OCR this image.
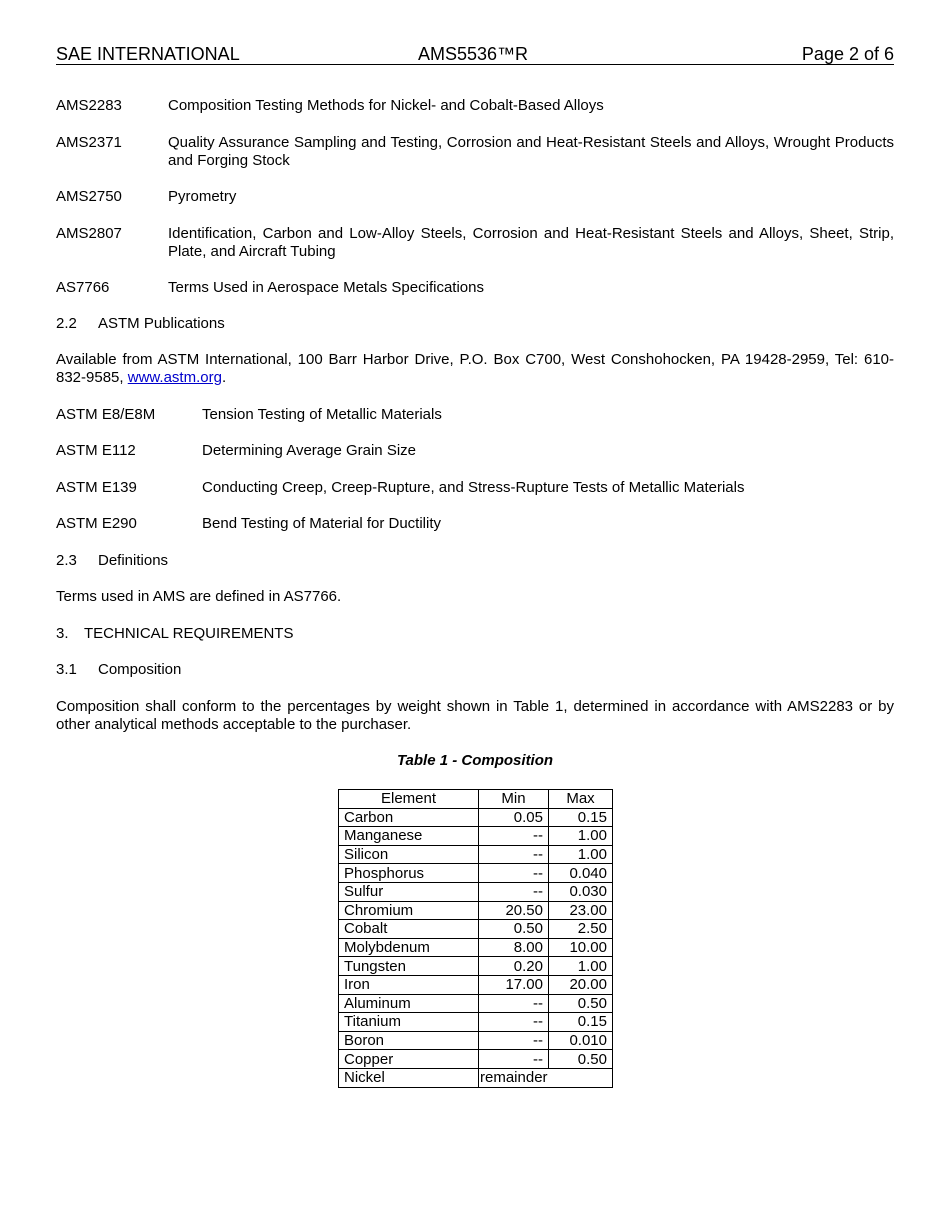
SAE INTERNATIONAL	AMS5536™R	Page 2 of 6
AMS2283	Composition Testing Methods for Nickel- and Cobalt-Based Alloys
AMS2371	Quality Assurance Sampling and Testing, Corrosion and Heat-Resistant Steels and Alloys, Wrought Products and Forging Stock
AMS2750	Pyrometry
AMS2807	Identification, Carbon and Low-Alloy Steels, Corrosion and Heat-Resistant Steels and Alloys, Sheet, Strip, Plate, and Aircraft Tubing
AS7766	Terms Used in Aerospace Metals Specifications
2.2 ASTM Publications
Available from ASTM International, 100 Barr Harbor Drive, P.O. Box C700, West Conshohocken, PA 19428-2959, Tel: 610-832-9585, www.astm.org.
ASTM E8/E8M	Tension Testing of Metallic Materials
ASTM E112	Determining Average Grain Size
ASTM E139	Conducting Creep, Creep-Rupture, and Stress-Rupture Tests of Metallic Materials
ASTM E290	Bend Testing of Material for Ductility
2.3 Definitions
Terms used in AMS are defined in AS7766.
3. TECHNICAL REQUIREMENTS
3.1 Composition
Composition shall conform to the percentages by weight shown in Table 1, determined in accordance with AMS2283 or by other analytical methods acceptable to the purchaser.
Table 1 - Composition
Element	Min	Max
Carbon	0.05	0.15
Manganese	--	1.00
Silicon	--	1.00
Phosphorus	--	0.040
Sulfur	--	0.030
Chromium	20.50	23.00
Cobalt	0.50	2.50
Molybdenum	8.00	10.00
Tungsten	0.20	1.00
Iron	17.00	20.00
Aluminum	--	0.50
Titanium	--	0.15
Boron	--	0.010
Copper	--	0.50
Nickel	remainder	
